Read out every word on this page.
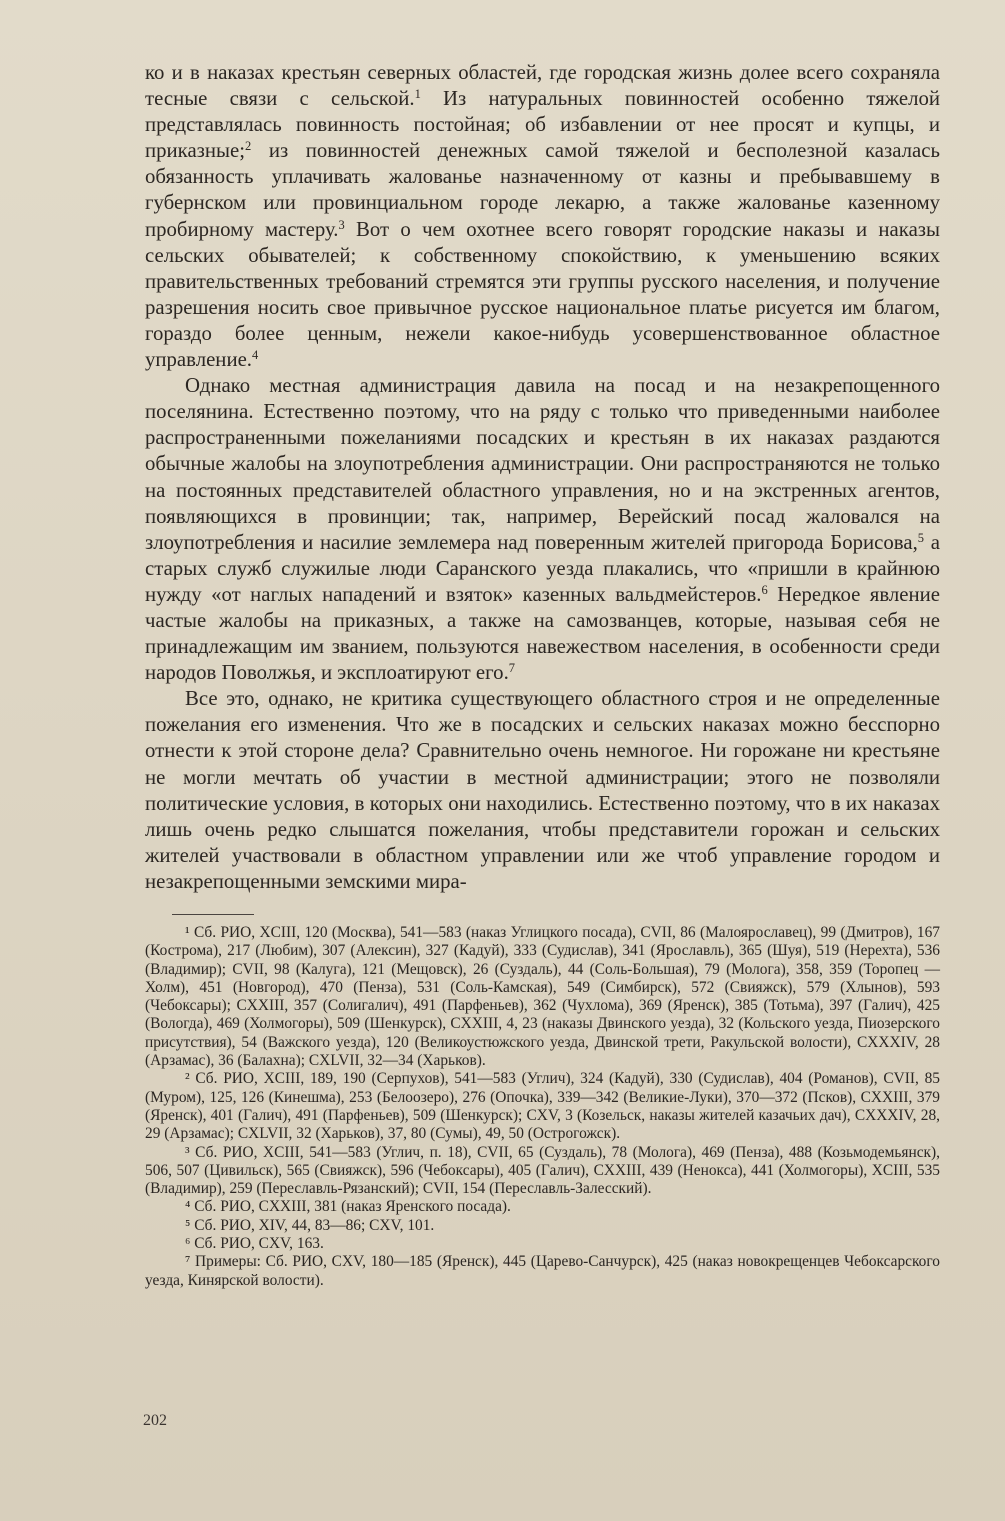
ко и в наказах крестьян северных областей, где городская жизнь долее всего сохраняла тесные связи с сельской.$^1$ Из натуральных повинностей особенно тяжелой представлялась повинность постойная; об избавлении от нее просят и купцы, и приказные;$^2$ из повинностей денежных самой тяжелой и бесполезной казалась обязанность уплачивать жалованье назначенному от казны и пребывавшему в губернском или провинциальном городе лекарю, а также жалованье казенному пробирному мастеру.$^3$ Вот о чем охотнее всего говорят городские наказы и наказы сельских обывателей; к собственному спокойствию, к уменьшению всяких правительственных требований стремятся эти группы русского населения, и получение разрешения носить свое привычное русское национальное платье рисуется им благом, гораздо более ценным, нежели какое-нибудь усовершенствованное областное управление.$^4$

Однако местная администрация давила на посад и на незакрепощенного поселянина. Естественно поэтому, что на ряду с только что приведенными наиболее распространенными пожеланиями посадских и крестьян в их наказах раздаются обычные жалобы на злоупотребления администрации. Они распространяются не только на постоянных представителей областного управления, но и на экстренных агентов, появляющихся в провинции; так, например, Верейский посад жаловался на злоупотребления и насилие землемера над поверенным жителей пригорода Борисова,$^5$ а старых служб служилые люди Саранского уезда плакались, что «пришли в крайнюю нужду «от наглых нападений и взяток» казенных вальдмейстеров.$^6$ Нередкое явление частые жалобы на приказных, а также на самозванцев, которые, называя себя не принадлежащим им званием, пользуются навежеством населения, в особенности среди народов Поволжья, и эксплоатируют его.$^7$

Все это, однако, не критика существующего областного строя и не определенные пожелания его изменения. Что же в посадских и сельских наказах можно бесспорно отнести к этой стороне дела? Сравнительно очень немногое. Ни горожане ни крестьяне не могли мечтать об участии в местной администрации; этого не позволяли политические условия, в которых они находились. Естественно поэтому, что в их наказах лишь очень редко слышатся пожелания, чтобы представители горожан и сельских жителей участвовали в областном управлении или же чтоб управление городом и незакрепощенными земскими мира-

¹ Сб. РИО, XCIII, 120 (Москва), 541—583 (наказ Углицкого посада), CVII, 86 (Малоярославец), 99 (Дмитров), 167 (Кострома), 217 (Любим), 307 (Алексин), 327 (Кадуй), 333 (Судислав), 341 (Ярославль), 365 (Шуя), 519 (Нерехта), 536 (Владимир); CVII, 98 (Калуга), 121 (Мещовск), 26 (Суздаль), 44 (Соль-Большая), 79 (Молога), 358, 359 (Торопец — Холм), 451 (Новгород), 470 (Пенза), 531 (Соль-Камская), 549 (Симбирск), 572 (Свияжск), 579 (Хлынов), 593 (Чебоксары); CXXIII, 357 (Солигалич), 491 (Парфеньев), 362 (Чухлома), 369 (Яренск), 385 (Тотьма), 397 (Галич), 425 (Вологда), 469 (Холмогоры), 509 (Шенкурск), CXXIII, 4, 23 (наказы Двинского уезда), 32 (Кольского уезда, Пиозерского присутствия), 54 (Важского уезда), 120 (Великоустюжского уезда, Двинской трети, Ракульской волости), CXXXIV, 28 (Арзамас), 36 (Балахна); CXLVII, 32—34 (Харьков).

² Сб. РИО, XCIII, 189, 190 (Серпухов), 541—583 (Углич), 324 (Кадуй), 330 (Судислав), 404 (Романов), CVII, 85 (Муром), 125, 126 (Кинешма), 253 (Белоозеро), 276 (Опочка), 339—342 (Великие-Луки), 370—372 (Псков), CXXIII, 379 (Яренск), 401 (Галич), 491 (Парфеньев), 509 (Шенкурск); CXV, 3 (Козельск, наказы жителей казачьих дач), CXXXIV, 28, 29 (Арзамас); CXLVII, 32 (Харьков), 37, 80 (Сумы), 49, 50 (Острогожск).

³ Сб. РИО, XCIII, 541—583 (Углич, п. 18), CVII, 65 (Суздаль), 78 (Молога), 469 (Пенза), 488 (Козьмодемьянск), 506, 507 (Цивильск), 565 (Свияжск), 596 (Чебоксары), 405 (Галич), CXXIII, 439 (Ненокса), 441 (Холмогоры), XCIII, 535 (Владимир), 259 (Переславль-Рязанский); CVII, 154 (Переславль-Залесский).

⁴ Сб. РИО, CXXIII, 381 (наказ Яренского посада).

⁵ Сб. РИО, XIV, 44, 83—86; CXV, 101.

⁶ Сб. РИО, CXV, 163.

⁷ Примеры: Сб. РИО, CXV, 180—185 (Яренск), 445 (Царево-Санчурск), 425 (наказ новокрещенцев Чебоксарского уезда, Кинярской волости).

202
